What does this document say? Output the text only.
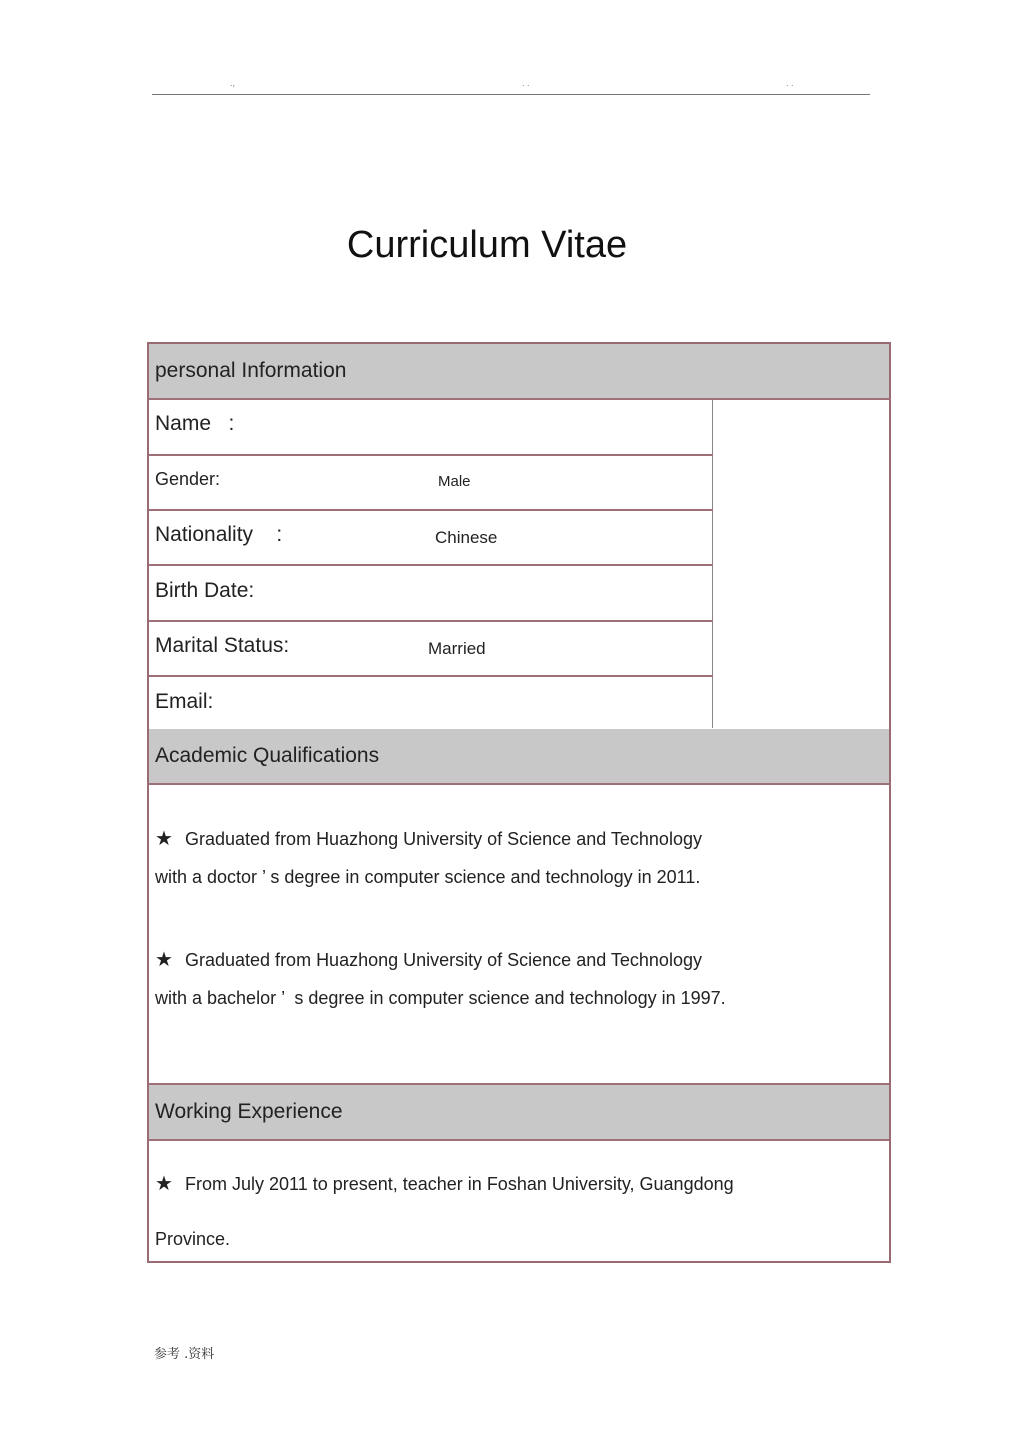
.,	. .	. .
Curriculum Vitae
personal Information
Name   :
Gender:	Male
Nationality    :	Chinese
Birth Date:
Marital Status:	Married
Email:
Academic Qualifications
★ Graduated from Huazhong University of Science and Technology
with a doctor ’ s degree in computer science and technology in 2011.
★ Graduated from Huazhong University of Science and Technology
with a bachelor ’  s degree in computer science and technology in 1997.
Working Experience
★ From July 2011 to present, teacher in Foshan University, Guangdong
Province.
参考 .资料
